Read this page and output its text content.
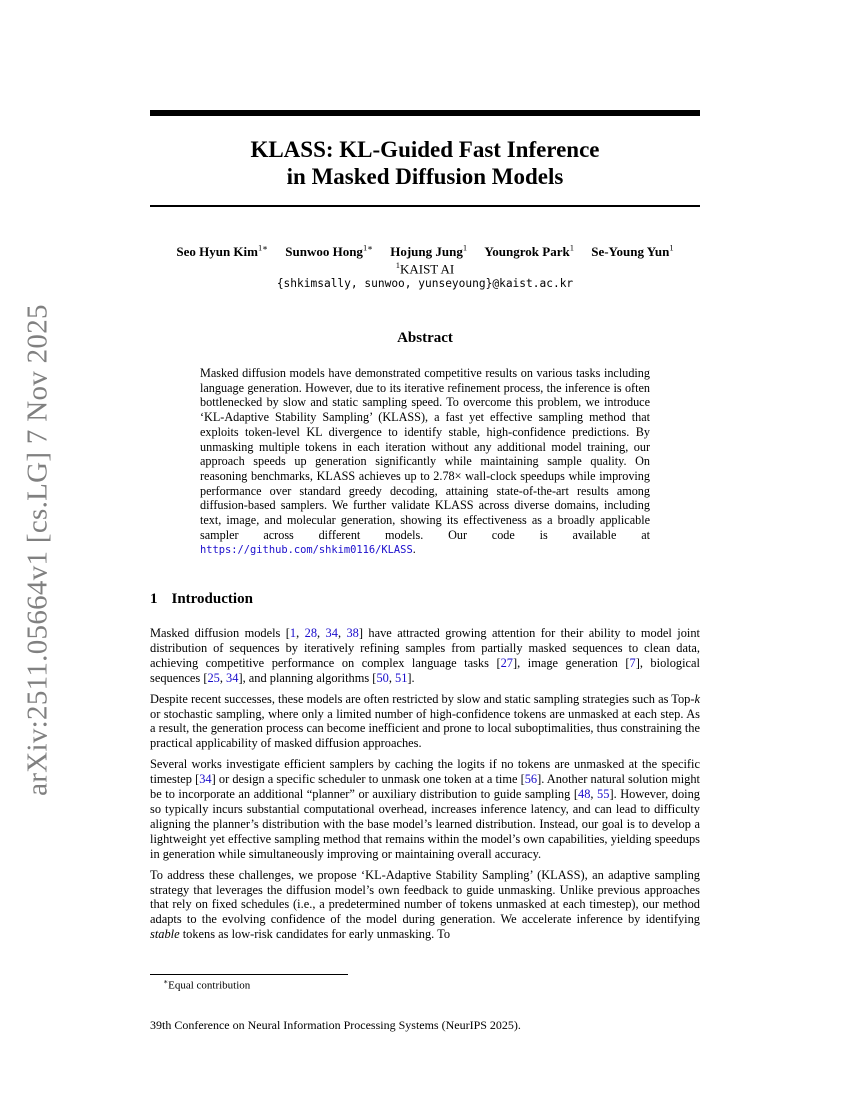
arXiv:2511.05664v1 [cs.LG] 7 Nov 2025
KLASS: KL-Guided Fast Inference
in Masked Diffusion Models
Seo Hyun Kim$^{1∗}$ Sunwoo Hong$^{1∗}$ Hojung Jung$^1$ Youngrok Park$^1$ Se-Young Yun$^1$
$^1$KAIST AI
{shkimsally, sunwoo, yunseyoung}@kaist.ac.kr
Abstract
Masked diffusion models have demonstrated competitive results on various tasks including language generation. However, due to its iterative refinement process, the inference is often bottlenecked by slow and static sampling speed. To overcome this problem, we introduce ‘KL-Adaptive Stability Sampling’ (KLASS), a fast yet effective sampling method that exploits token-level KL divergence to identify stable, high-confidence predictions. By unmasking multiple tokens in each iteration without any additional model training, our approach speeds up generation significantly while maintaining sample quality. On reasoning benchmarks, KLASS achieves up to 2.78× wall-clock speedups while improving performance over standard greedy decoding, attaining state-of-the-art results among diffusion-based samplers. We further validate KLASS across diverse domains, including text, image, and molecular generation, showing its effectiveness as a broadly applicable sampler across different models. Our code is available at https://github.com/shkim0116/KLASS.
1 Introduction

Masked diffusion models [1, 28, 34, 38] have attracted growing attention for their ability to model joint distribution of sequences by iteratively refining samples from partially masked sequences to clean data, achieving competitive performance on complex language tasks [27], image generation [7], biological sequences [25, 34], and planning algorithms [50, 51].

Despite recent successes, these models are often restricted by slow and static sampling strategies such as Top-k or stochastic sampling, where only a limited number of high-confidence tokens are unmasked at each step. As a result, the generation process can become inefficient and prone to local suboptimalities, thus constraining the practical applicability of masked diffusion approaches.

Several works investigate efficient samplers by caching the logits if no tokens are unmasked at the specific timestep [34] or design a specific scheduler to unmask one token at a time [56]. Another natural solution might be to incorporate an additional “planner” or auxiliary distribution to guide sampling [48, 55]. However, doing so typically incurs substantial computational overhead, increases inference latency, and can lead to difficulty aligning the planner’s distribution with the base model’s learned distribution. Instead, our goal is to develop a lightweight yet effective sampling method that remains within the model’s own capabilities, yielding speedups in generation while simultaneously improving or maintaining overall accuracy.

To address these challenges, we propose ‘KL-Adaptive Stability Sampling’ (KLASS), an adaptive sampling strategy that leverages the diffusion model’s own feedback to guide unmasking. Unlike previous approaches that rely on fixed schedules (i.e., a predetermined number of tokens unmasked at each timestep), our method adapts to the evolving confidence of the model during generation. We accelerate inference by identifying stable tokens as low-risk candidates for early unmasking. To

∗Equal contribution
39th Conference on Neural Information Processing Systems (NeurIPS 2025).
